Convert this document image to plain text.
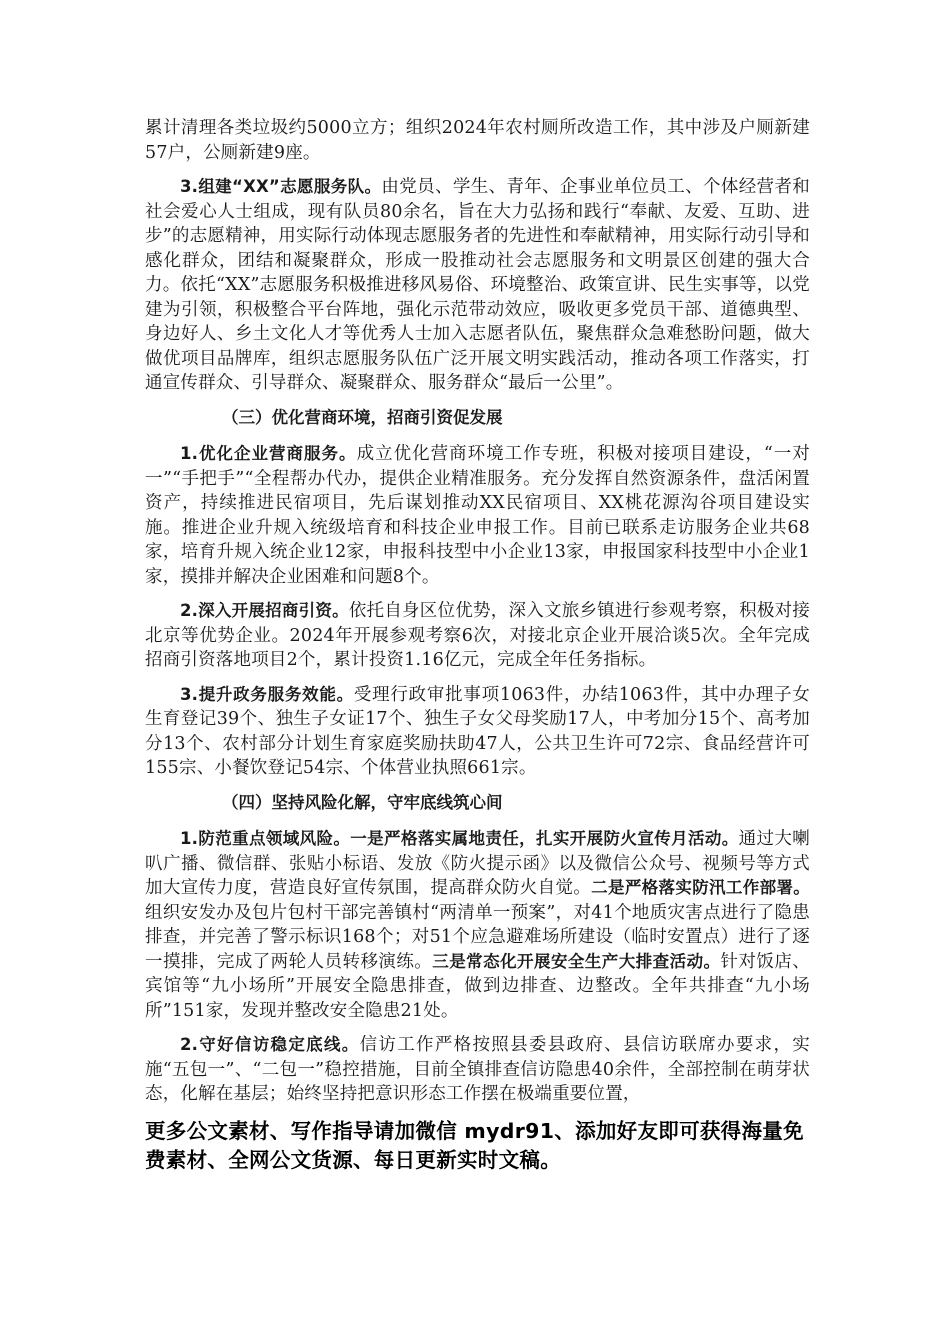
累计清理各类垃圾约5000立方；组织2024年农村厕所改造工作，其中涉及户厕新建57户，公厕新建9座。

3.组建“XX”志愿服务队。由党员、学生、青年、企事业单位员工、个体经营者和社会爱心人士组成，现有队员80余名，旨在大力弘扬和践行“奉献、友爱、互助、进步”的志愿精神，用实际行动体现志愿服务者的先进性和奉献精神，用实际行动引导和感化群众，团结和凝聚群众，形成一股推动社会志愿服务和文明景区创建的强大合力。依托“XX”志愿服务积极推进移风易俗、环境整治、政策宣讲、民生实事等，以党建为引领，积极整合平台阵地，强化示范带动效应，吸收更多党员干部、道德典型、身边好人、乡土文化人才等优秀人士加入志愿者队伍，聚焦群众急难愁盼问题，做大做优项目品牌库，组织志愿服务队伍广泛开展文明实践活动，推动各项工作落实，打通宣传群众、引导群众、凝聚群众、服务群众“最后一公里”。

（三）优化营商环境，招商引资促发展

1.优化企业营商服务。成立优化营商环境工作专班，积极对接项目建设，“一对一”“手把手”“全程帮办代办，提供企业精准服务。充分发挥自然资源条件，盘活闲置资产，持续推进民宿项目，先后谋划推动XX民宿项目、XX桃花源沟谷项目建设实施。推进企业升规入统级培育和科技企业申报工作。目前已联系走访服务企业共68家，培育升规入统企业12家，申报科技型中小企业13家，申报国家科技型中小企业1家，摸排并解决企业困难和问题8个。

2.深入开展招商引资。依托自身区位优势，深入文旅乡镇进行参观考察，积极对接北京等优势企业。2024年开展参观考察6次，对接北京企业开展洽谈5次。全年完成招商引资落地项目2个，累计投资1.16亿元，完成全年任务指标。

3.提升政务服务效能。受理行政审批事项1063件，办结1063件，其中办理子女生育登记39个、独生子女证17个、独生子女父母奖励17人，中考加分15个、高考加分13个、农村部分计划生育家庭奖励扶助47人，公共卫生许可72宗、食品经营许可155宗、小餐饮登记54宗、个体营业执照661宗。

（四）坚持风险化解，守牢底线筑心间

1.防范重点领域风险。一是严格落实属地责任，扎实开展防火宣传月活动。通过大喇叭广播、微信群、张贴小标语、发放《防火提示函》以及微信公众号、视频号等方式加大宣传力度，营造良好宣传氛围，提高群众防火自觉。二是严格落实防汛工作部署。组织安发办及包片包村干部完善镇村“两清单一预案”，对41个地质灾害点进行了隐患排查，并完善了警示标识168个；对51个应急避难场所建设（临时安置点）进行了逐一摸排，完成了两轮人员转移演练。三是常态化开展安全生产大排查活动。针对饭店、宾馆等“九小场所”开展安全隐患排查，做到边排查、边整改。全年共排查“九小场所”151家，发现并整改安全隐患21处。

2.守好信访稳定底线。信访工作严格按照县委县政府、县信访联席办要求，实施“五包一”、“二包一”稳控措施，目前全镇排查信访隐患40余件，全部控制在萌芽状态，化解在基层；始终坚持把意识形态工作摆在极端重要位置，

更多公文素材、写作指导请加微信 mydr91、添加好友即可获得海量免费素材、全网公文货源、每日更新实时文稿。
